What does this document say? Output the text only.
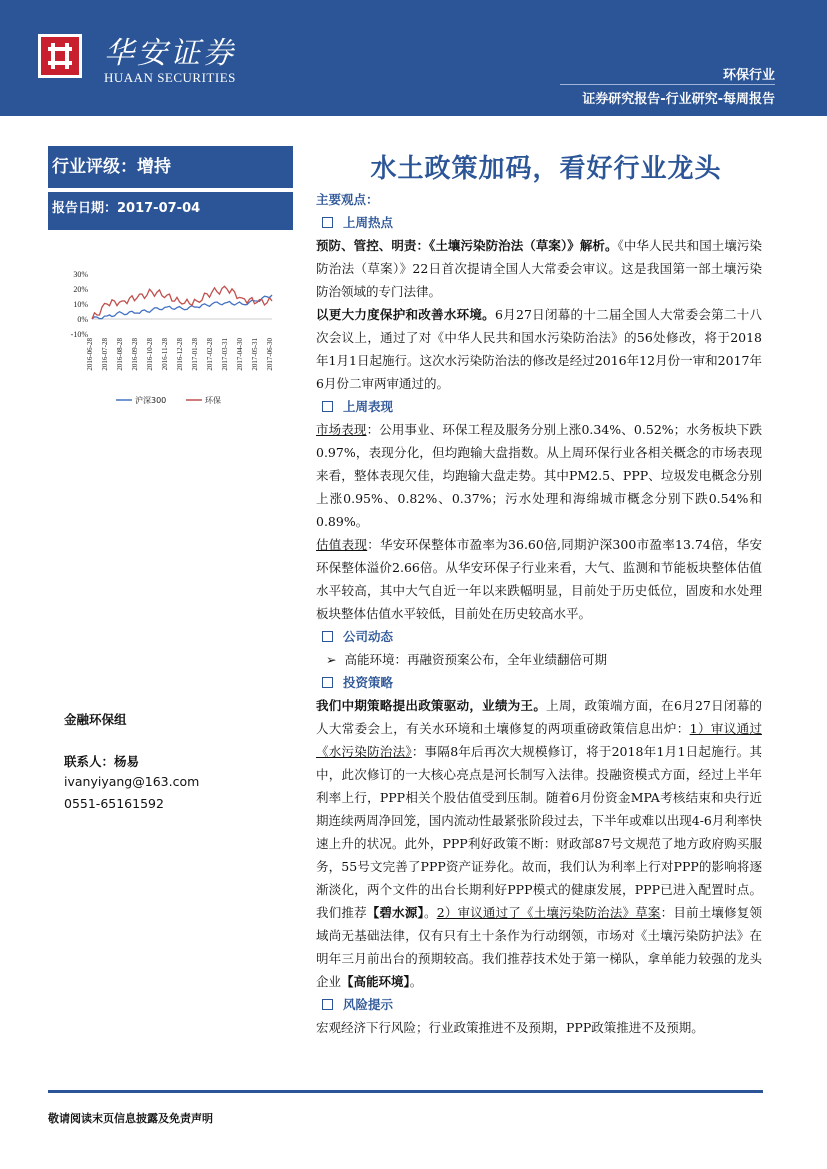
华安证券
HUAAN SECURITIES	环保行业
证券研究报告-行业研究-每周报告
行业评级：增持
报告日期：2017-07-04
水土政策加码，看好行业龙头
30%
20%
10%
0%
-10%
2016-06-28 2016-07-28 2016-08-28 2016-09-28 2016-10-28 2016-11-28 2016-12-28 2017-01-28 2017-02-28 2017-03-31 2017-04-30 2017-05-31 2017-06-30
沪深300	环保
金融环保组
联系人：杨易
ivanyiyang@163.com
0551-65161592

主要观点：

上周热点

预防、管控、明责：《土壤污染防治法（草案）》解析。《中华人民共和国土壤污染防治法（草案）》22日首次提请全国人大常委会审议。这是我国第一部土壤污染防治领域的专门法律。

以更大力度保护和改善水环境。6月27日闭幕的十二届全国人大常委会第二十八次会议上，通过了对《中华人民共和国水污染防治法》的56处修改，将于2018年1月1日起施行。这次水污染防治法的修改是经过2016年12月份一审和2017年6月份二审两审通过的。

上周表现

市场表现：公用事业、环保工程及服务分别上涨0.34%、0.52%；水务板块下跌0.97%，表现分化，但均跑输大盘指数。从上周环保行业各相关概念的市场表现来看，整体表现欠佳，均跑输大盘走势。其中PM2.5、PPP、垃圾发电概念分别上涨0.95%、0.82%、0.37%；污水处理和海绵城市概念分别下跌0.54%和0.89%。

估值表现：华安环保整体市盈率为36.60倍,同期沪深300市盈率13.74倍，华安环保整体溢价2.66倍。从华安环保子行业来看，大气、监测和节能板块整体估值水平较高，其中大气自近一年以来跌幅明显，目前处于历史低位，固废和水处理板块整体估值水平较低，目前处在历史较高水平。

公司动态

➢ 高能环境：再融资预案公布，全年业绩翻倍可期

投资策略

我们中期策略提出政策驱动，业绩为王。上周，政策端方面，在6月27日闭幕的人大常委会上，有关水环境和土壤修复的两项重磅政策信息出炉：1）审议通过《水污染防治法》：事隔8年后再次大规模修订，将于2018年1月1日起施行。其中，此次修订的一大核心亮点是河长制写入法律。投融资模式方面，经过上半年利率上行，PPP相关个股估值受到压制。随着6月份资金MPA考核结束和央行近期连续两周净回笼，国内流动性最紧张阶段过去，下半年或难以出现4-6月利率快速上升的状况。此外，PPP利好政策不断：财政部87号文规范了地方政府购买服务，55号文完善了PPP资产证券化。故而，我们认为利率上行对PPP的影响将逐渐淡化，两个文件的出台长期利好PPP模式的健康发展，PPP已进入配置时点。我们推荐【碧水源】。2）审议通过了《土壤污染防治法》草案：目前土壤修复领域尚无基础法律，仅有只有土十条作为行动纲领，市场对《土壤污染防护法》在明年三月前出台的预期较高。我们推荐技术处于第一梯队，拿单能力较强的龙头企业【高能环境】。

风险提示

宏观经济下行风险；行业政策推进不及预期，PPP政策推进不及预期。

敬请阅读末页信息披露及免责声明
